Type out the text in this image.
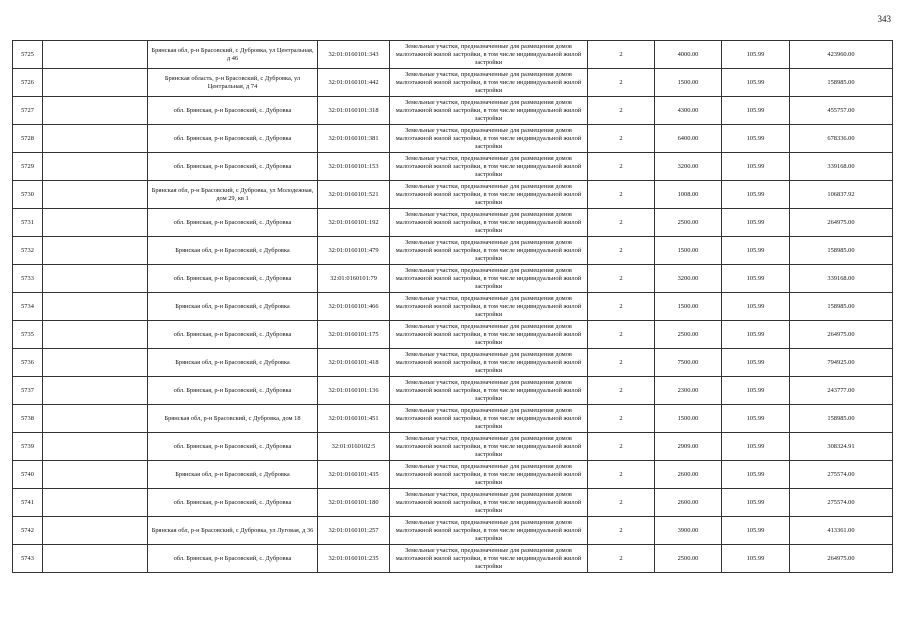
343
5725		Брянская обл, р-н Брасовский, с Дубровка, ул Центральная, д 46	32:01:0160101:343	Земельные участки, предназначенные для размещения домов малоэтажной жилой застройки, в том числе индивидуальной жилой застройки	2	4000.00	105.99	423960.00
5726		Брянская область, р-н Брасовский, с Дубровка, ул Центральная, д 74	32:01:0160101:442	Земельные участки, предназначенные для размещения домов малоэтажной жилой застройки, в том числе индивидуальной жилой застройки	2	1500.00	105.99	158985.00
5727		обл. Брянская, р-н Брасовский, с. Дубровка	32:01:0160101:318	Земельные участки, предназначенные для размещения домов малоэтажной жилой застройки, в том числе индивидуальной жилой застройки	2	4300.00	105.99	455757.00
5728		обл. Брянская, р-н Брасовский, с. Дубровка	32:01:0160101:381	Земельные участки, предназначенные для размещения домов малоэтажной жилой застройки, в том числе индивидуальной жилой застройки	2	6400.00	105.99	678336.00
5729		обл. Брянская, р-н Брасовский, с. Дубровка	32:01:0160101:153	Земельные участки, предназначенные для размещения домов малоэтажной жилой застройки, в том числе индивидуальной жилой застройки	2	3200.00	105.99	339168.00
5730		Брянская обл, р-н Брасовский, с Дубровка, ул Молодежная, дом 29, кв 1	32:01:0160101:521	Земельные участки, предназначенные для размещения домов малоэтажной жилой застройки, в том числе индивидуальной жилой застройки	2	1008.00	105.99	106837.92
5731		обл. Брянская, р-н Брасовский, с. Дубровка	32:01:0160101:192	Земельные участки, предназначенные для размещения домов малоэтажной жилой застройки, в том числе индивидуальной жилой застройки	2	2500.00	105.99	264975.00
5732		Брянская обл, р-н Брасовский, с Дубровка	32:01:0160101:479	Земельные участки, предназначенные для размещения домов малоэтажной жилой застройки, в том числе индивидуальной жилой застройки	2	1500.00	105.99	158985.00
5733		обл. Брянская, р-н Брасовский, с. Дубровка	32:01:0160101:79	Земельные участки, предназначенные для размещения домов малоэтажной жилой застройки, в том числе индивидуальной жилой застройки	2	3200.00	105.99	339168.00
5734		Брянская обл, р-н Брасовский, с Дубровка	32:01:0160101:466	Земельные участки, предназначенные для размещения домов малоэтажной жилой застройки, в том числе индивидуальной жилой застройки	2	1500.00	105.99	158985.00
5735		обл. Брянская, р-н Брасовский, с. Дубровка	32:01:0160101:175	Земельные участки, предназначенные для размещения домов малоэтажной жилой застройки, в том числе индивидуальной жилой застройки	2	2500.00	105.99	264975.00
5736		Брянская обл, р-н Брасовский, с Дубровка	32:01:0160101:418	Земельные участки, предназначенные для размещения домов малоэтажной жилой застройки, в том числе индивидуальной жилой застройки	2	7500.00	105.99	794925.00
5737		обл. Брянская, р-н Брасовский, с. Дубровка	32:01:0160101:136	Земельные участки, предназначенные для размещения домов малоэтажной жилой застройки, в том числе индивидуальной жилой застройки	2	2300.00	105.99	243777.00
5738		Брянская обл, р-н Брасовский, с Дубровка, дом 18	32:01:0160101:451	Земельные участки, предназначенные для размещения домов малоэтажной жилой застройки, в том числе индивидуальной жилой застройки	2	1500.00	105.99	158985.00
5739		обл. Брянская, р-н Брасовский, с. Дубровка	32:01:0160102:5	Земельные участки, предназначенные для размещения домов малоэтажной жилой застройки, в том числе индивидуальной жилой застройки	2	2909.00	105.99	308324.91
5740		Брянская обл, р-н Брасовский, с Дубровка	32:01:0160101:435	Земельные участки, предназначенные для размещения домов малоэтажной жилой застройки, в том числе индивидуальной жилой застройки	2	2600.00	105.99	275574.00
5741		обл. Брянская, р-н Брасовский, с. Дубровка	32:01:0160101:180	Земельные участки, предназначенные для размещения домов малоэтажной жилой застройки, в том числе индивидуальной жилой застройки	2	2600.00	105.99	275574.00
5742		Брянская обл, р-н Брасовский, с Дубровка, ул Луговая, д 36	32:01:0160101:257	Земельные участки, предназначенные для размещения домов малоэтажной жилой застройки, в том числе индивидуальной жилой застройки	2	3900.00	105.99	413361.00
5743		обл. Брянская, р-н Брасовский, с. Дубровка	32:01:0160101:235	Земельные участки, предназначенные для размещения домов малоэтажной жилой застройки, в том числе индивидуальной жилой застройки	2	2500.00	105.99	264975.00
